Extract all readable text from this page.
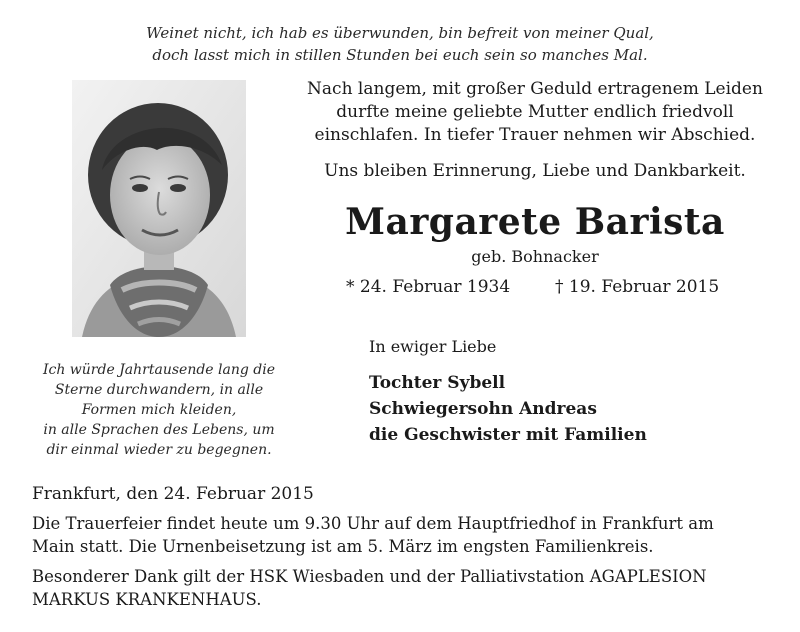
Weinet nicht, ich hab es überwunden, bin befreit von meiner Qual,
doch lasst mich in stillen Stunden bei euch sein so manches Mal.
Nach langem, mit großer Geduld ertragenem Leiden
durfte meine geliebte Mutter endlich friedvoll
einschlafen. In tiefer Trauer nehmen wir Abschied.
Uns bleiben Erinnerung, Liebe und Dankbarkeit.
Margarete Barista
geb. Bohnacker
* 24. Februar 1934	† 19. Februar 2015
In ewiger Liebe
Tochter Sybell
Schwiegersohn Andreas
die Geschwister mit Familien
Ich würde Jahrtausende lang die
Sterne durchwandern, in alle
Formen mich kleiden,
in alle Sprachen des Lebens, um
dir einmal wieder zu begegnen.
Frankfurt, den 24. Februar 2015
Die Trauerfeier findet heute um 9.30 Uhr auf dem Hauptfriedhof in Frankfurt am
Main statt. Die Urnenbeisetzung ist am 5. März im engsten Familienkreis.
Besonderer Dank gilt der HSK Wiesbaden und der Palliativstation AGAPLESION
MARKUS KRANKENHAUS.
